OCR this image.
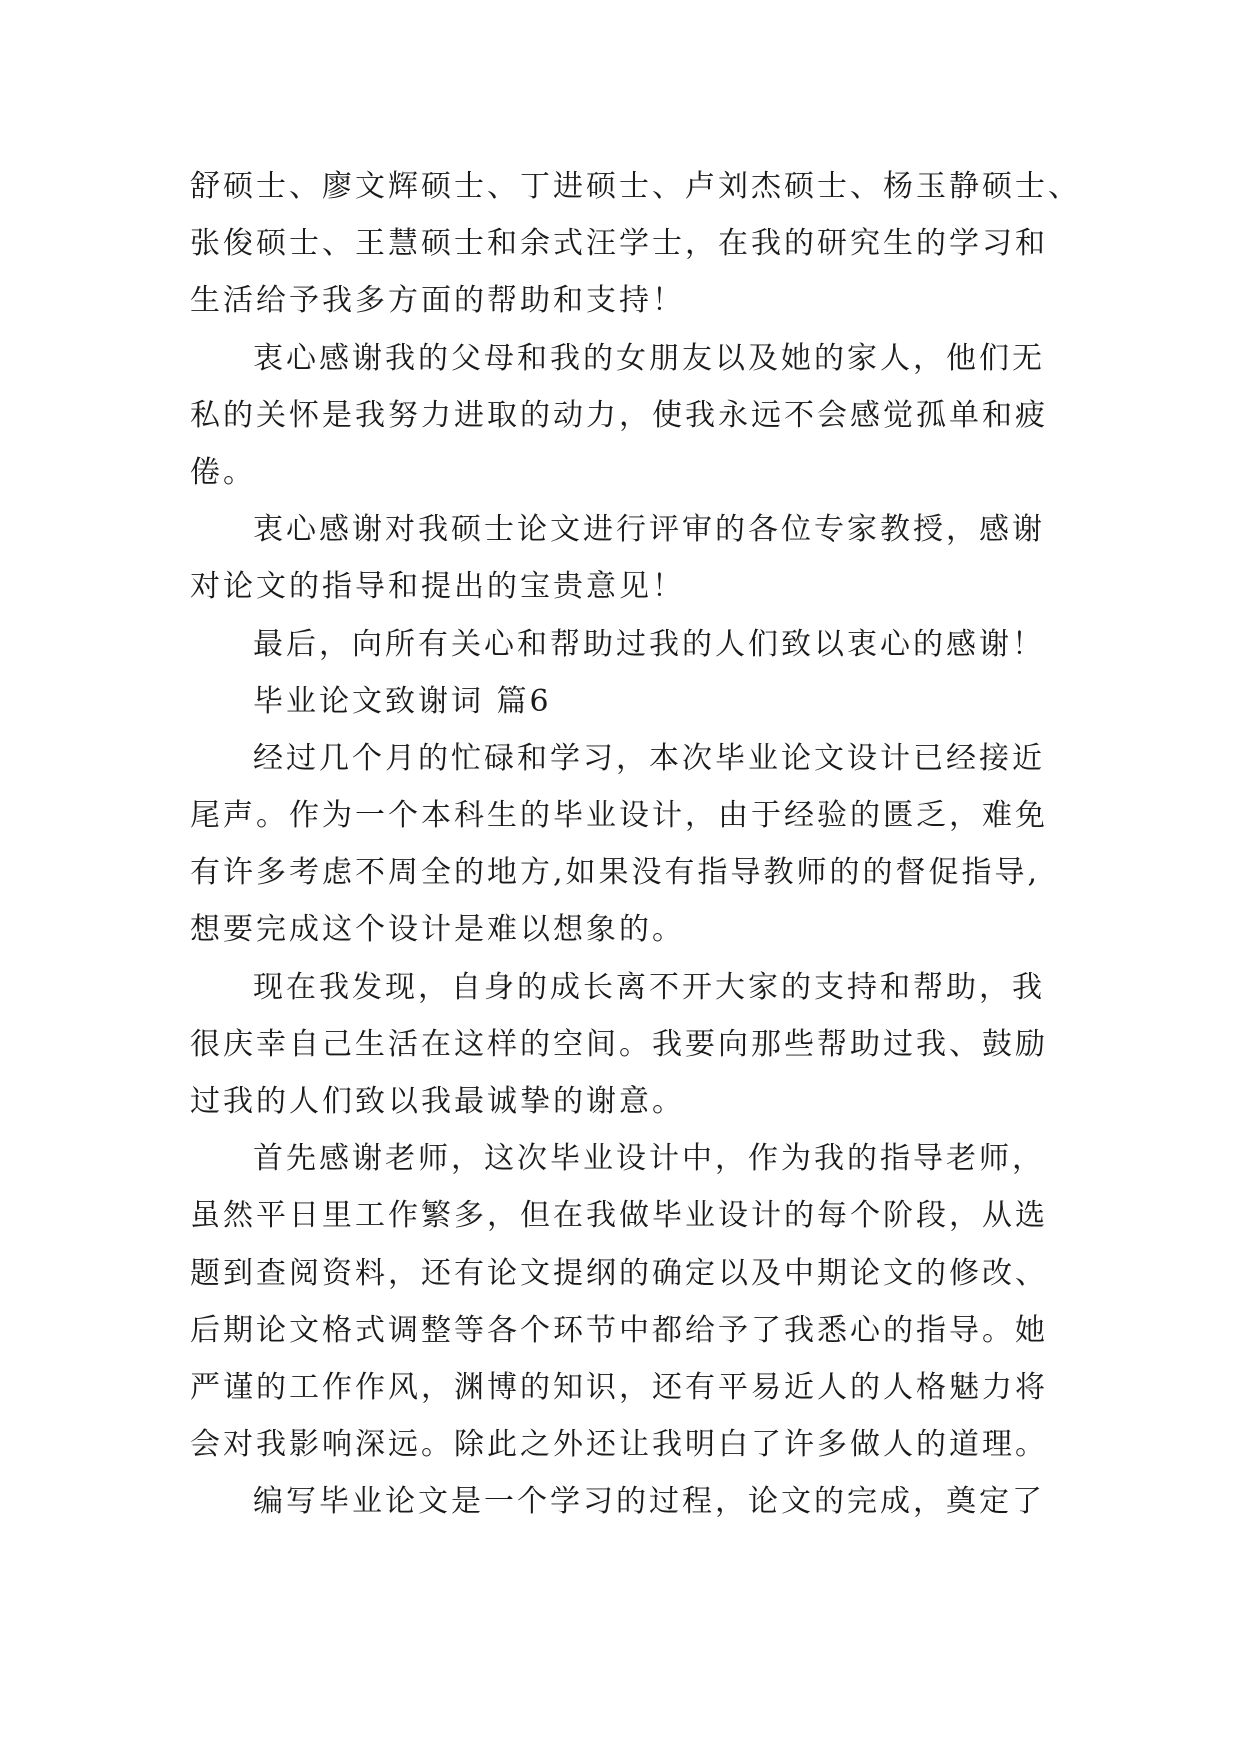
舒硕士、廖文辉硕士、丁进硕士、卢刘杰硕士、杨玉静硕士、
张俊硕士、王慧硕士和余式汪学士，在我的研究生的学习和
生活给予我多方面的帮助和支持！
衷心感谢我的父母和我的女朋友以及她的家人，他们无
私的关怀是我努力进取的动力，使我永远不会感觉孤单和疲
倦。
衷心感谢对我硕士论文进行评审的各位专家教授，感谢
对论文的指导和提出的宝贵意见！
最后，向所有关心和帮助过我的人们致以衷心的感谢！
毕业论文致谢词 篇6
经过几个月的忙碌和学习，本次毕业论文设计已经接近
尾声。作为一个本科生的毕业设计，由于经验的匮乏，难免
有许多考虑不周全的地方,如果没有指导教师的的督促指导,
想要完成这个设计是难以想象的。
现在我发现，自身的成长离不开大家的支持和帮助，我
很庆幸自己生活在这样的空间。我要向那些帮助过我、鼓励
过我的人们致以我最诚挚的谢意。
首先感谢老师，这次毕业设计中，作为我的指导老师，
虽然平日里工作繁多，但在我做毕业设计的每个阶段，从选
题到查阅资料，还有论文提纲的确定以及中期论文的修改、
后期论文格式调整等各个环节中都给予了我悉心的指导。她
严谨的工作作风，渊博的知识，还有平易近人的人格魅力将
会对我影响深远。除此之外还让我明白了许多做人的道理。
编写毕业论文是一个学习的过程，论文的完成，奠定了
